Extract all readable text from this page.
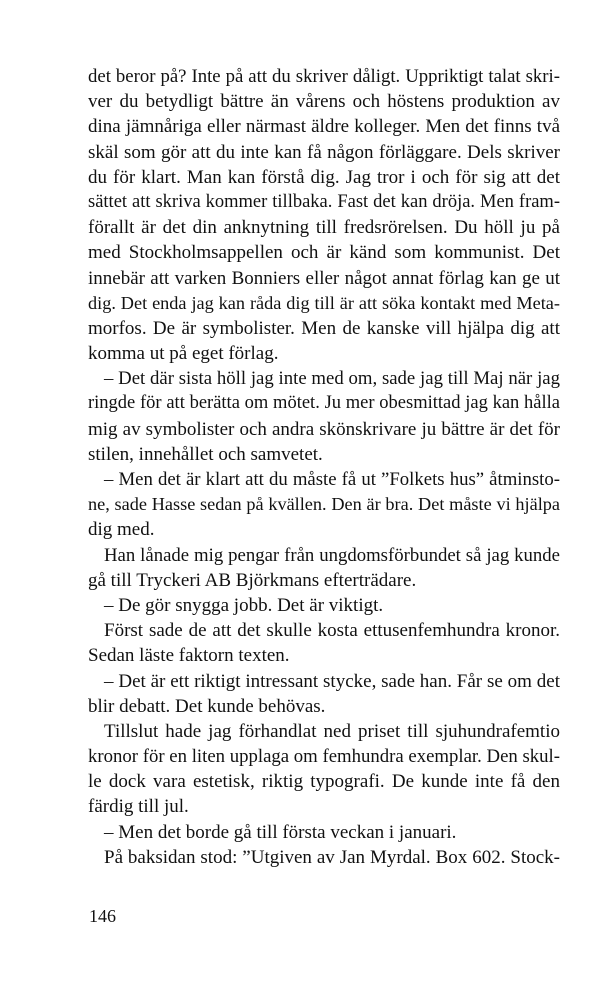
det beror på? Inte på att du skriver dåligt. Uppriktigt talat skri-
ver du betydligt bättre än vårens och höstens produktion av
dina jämnåriga eller närmast äldre kolleger. Men det finns två
skäl som gör att du inte kan få någon förläggare. Dels skriver
du för klart. Man kan förstå dig. Jag tror i och för sig att det
sättet att skriva kommer tillbaka. Fast det kan dröja. Men fram-
förallt är det din anknytning till fredsrörelsen. Du höll ju på
med Stockholmsappellen och är känd som kommunist. Det
innebär att varken Bonniers eller något annat förlag kan ge ut
dig. Det enda jag kan råda dig till är att söka kontakt med Meta-
morfos. De är symbolister. Men de kanske vill hjälpa dig att
komma ut på eget förlag.
– Det där sista höll jag inte med om, sade jag till Maj när jag
ringde för att berätta om mötet. Ju mer obesmittad jag kan hålla
mig av symbolister och andra skönskrivare ju bättre är det för
stilen, innehållet och samvetet.
– Men det är klart att du måste få ut ”Folkets hus” åtminsto-
ne, sade Hasse sedan på kvällen. Den är bra. Det måste vi hjälpa
dig med.
Han lånade mig pengar från ungdomsförbundet så jag kunde
gå till Tryckeri AB Björkmans efterträdare.
– De gör snygga jobb. Det är viktigt.
Först sade de att det skulle kosta ettusenfemhundra kronor.
Sedan läste faktorn texten.
– Det är ett riktigt intressant stycke, sade han. Får se om det
blir debatt. Det kunde behövas.
Tillslut hade jag förhandlat ned priset till sjuhundrafemtio
kronor för en liten upplaga om femhundra exemplar. Den skul-
le dock vara estetisk, riktig typografi. De kunde inte få den
färdig till jul.
– Men det borde gå till första veckan i januari.
På baksidan stod: ”Utgiven av Jan Myrdal. Box 602. Stock-
146
